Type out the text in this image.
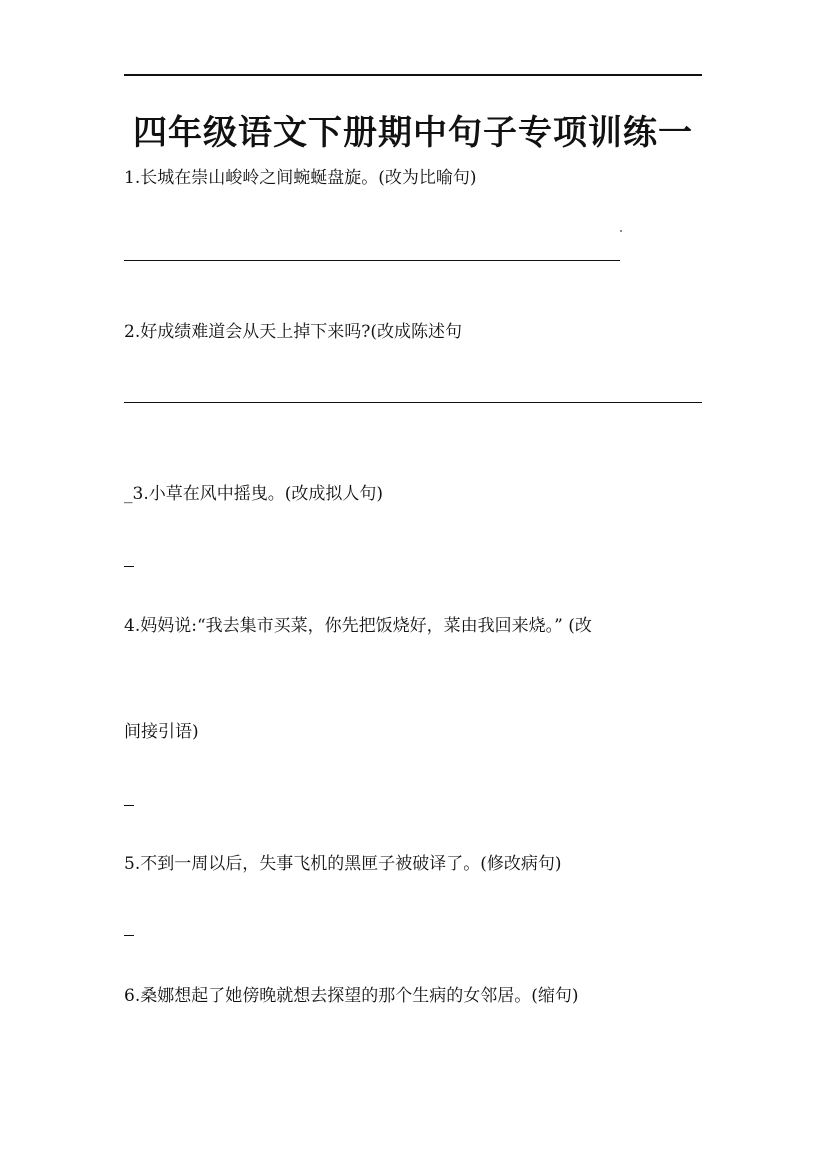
四年级语文下册期中句子专项训练一
1.长城在崇山峻岭之间蜿蜒盘旋。(改为比喻句)
2.好成绩难道会从天上掉下来吗?(改成陈述句
_3.小草在风中摇曳。(改成拟人句)
4.妈妈说:“我去集市买菜，你先把饭烧好，菜由我回来烧。” (改
间接引语)
5.不到一周以后，失事飞机的黑匣子被破译了。(修改病句)
6.桑娜想起了她傍晚就想去探望的那个生病的女邻居。(缩句)
